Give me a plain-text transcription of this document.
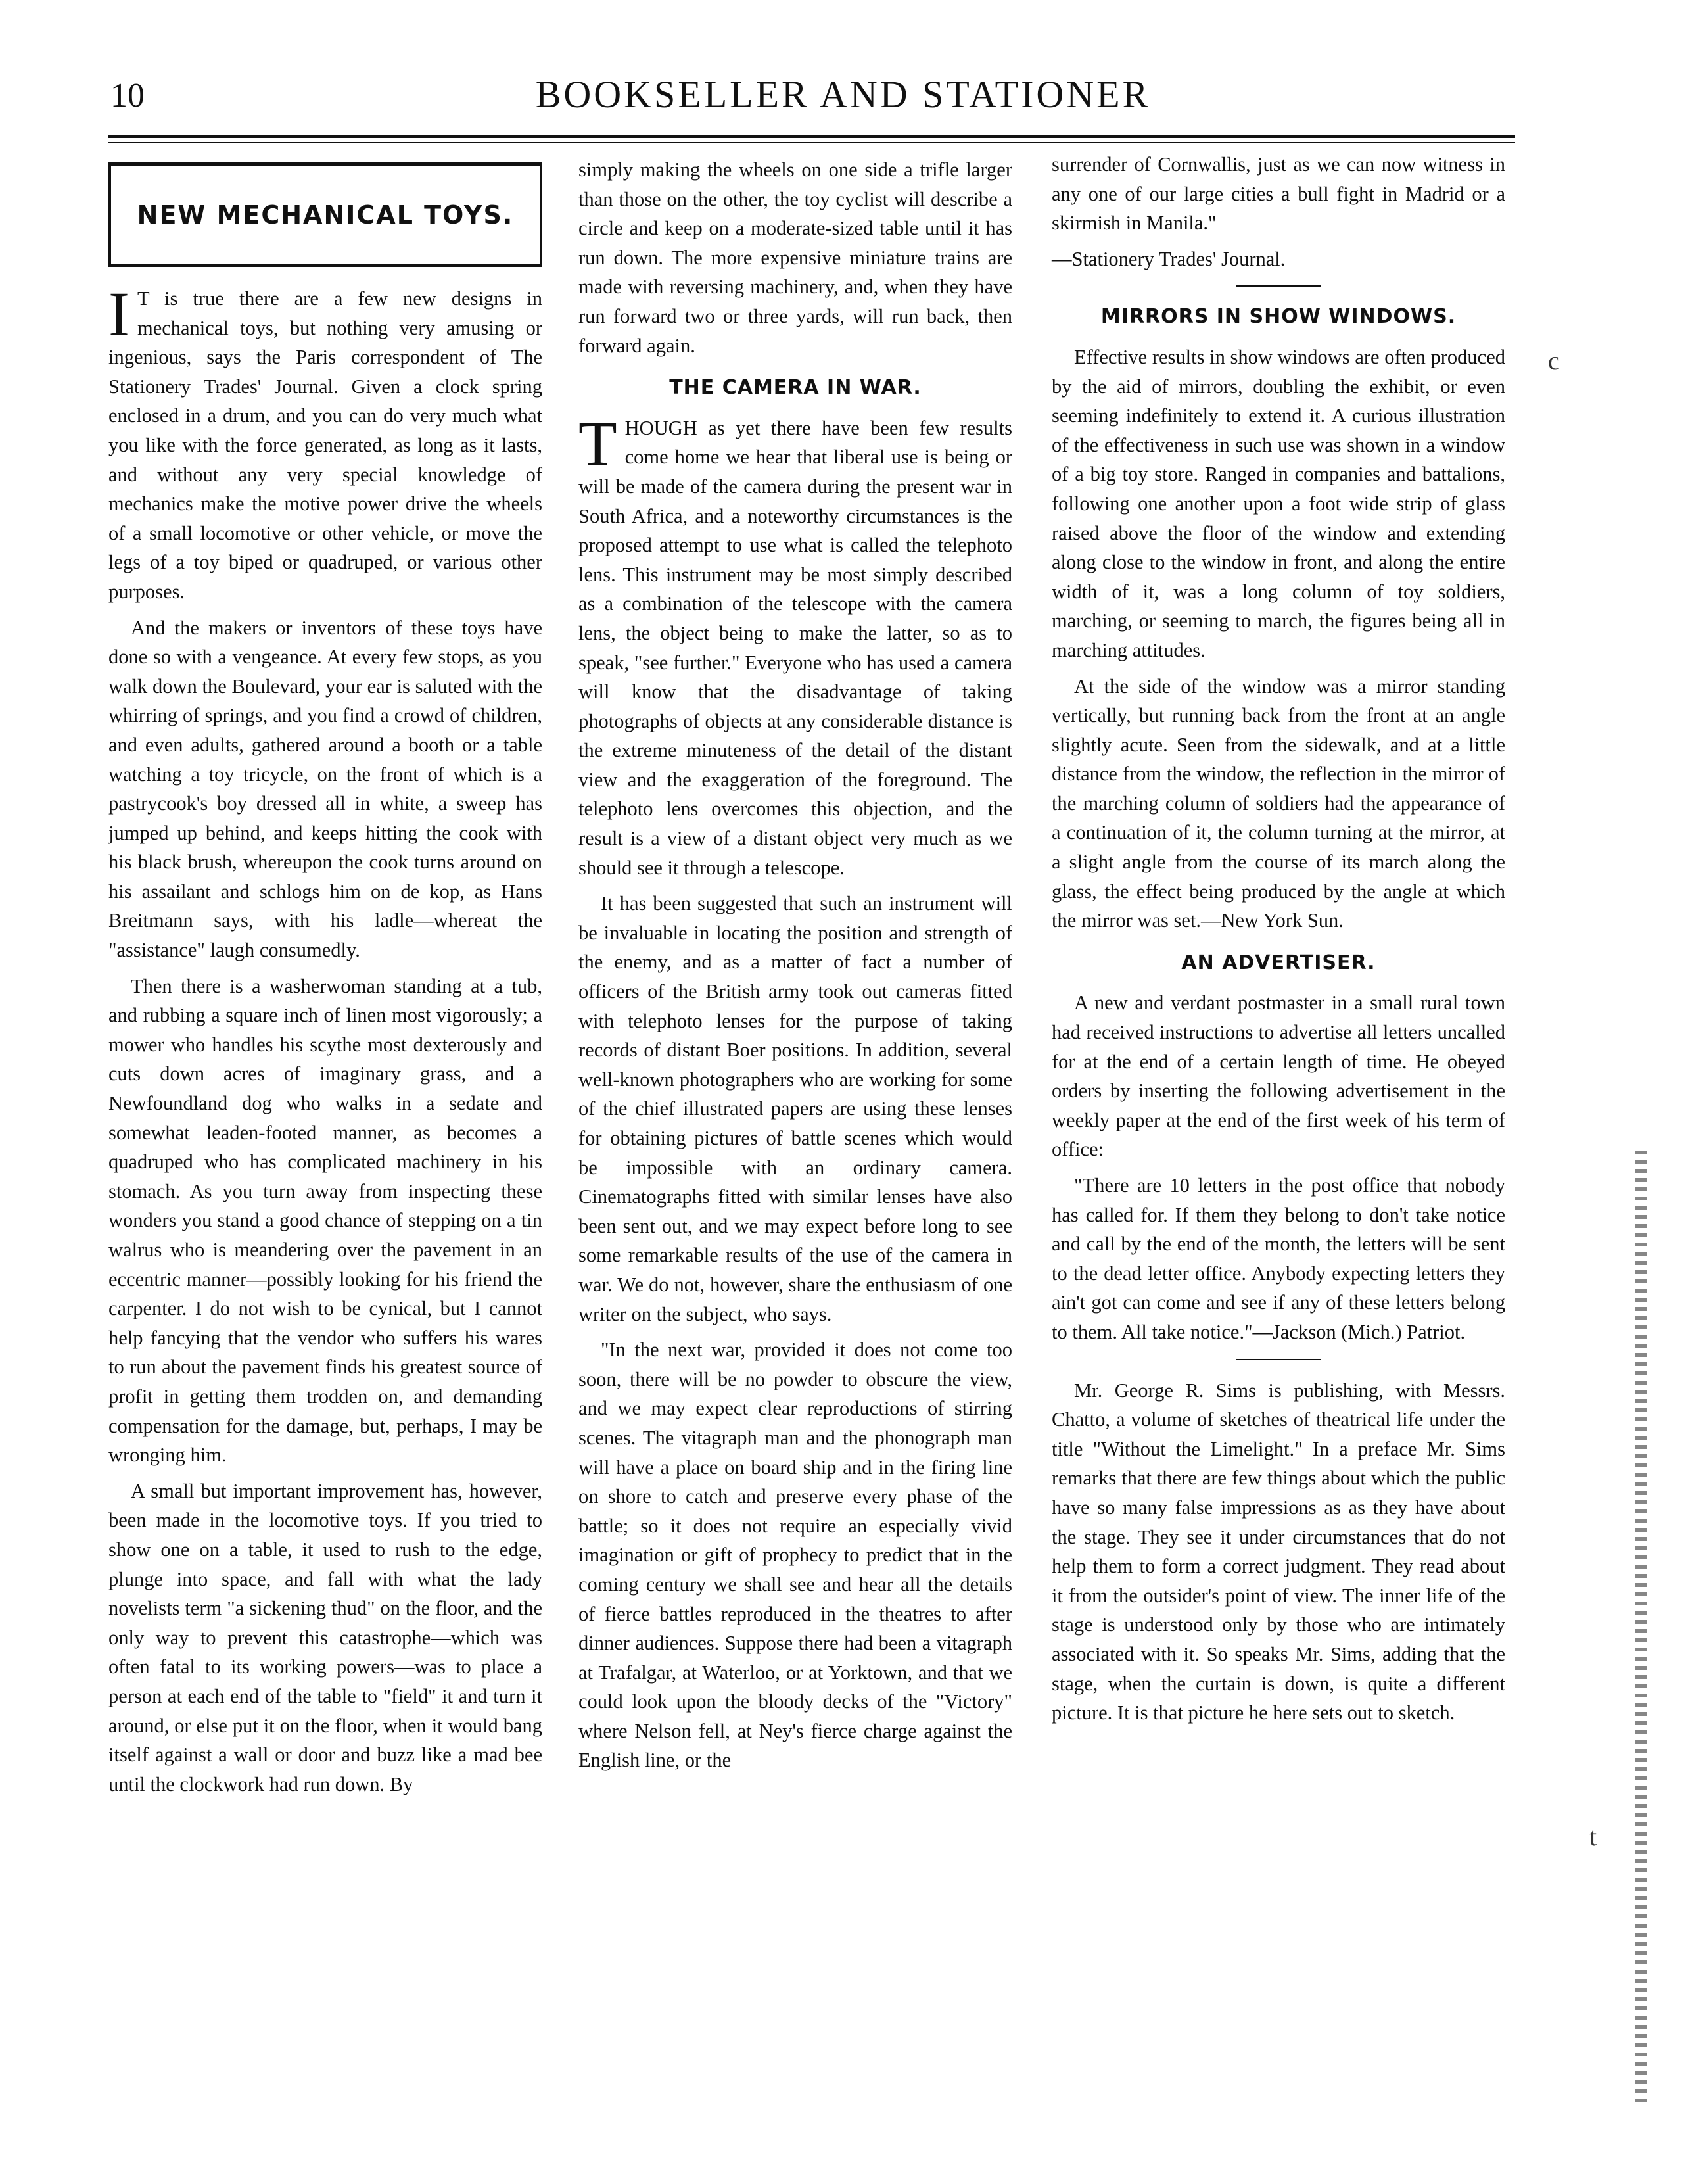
10	BOOKSELLER AND STATIONER
NEW MECHANICAL TOYS.

I T is true there are a few new designs in mechanical toys, but nothing very amusing or ingenious, says the Paris correspondent of The Stationery Trades' Journal. Given a clock spring enclosed in a drum, and you can do very much what you like with the force generated, as long as it lasts, and without any very special knowledge of mechanics make the motive power drive the wheels of a small locomotive or other vehicle, or move the legs of a toy biped or quadruped, or various other purposes.

And the makers or inventors of these toys have done so with a vengeance. At every few stops, as you walk down the Boulevard, your ear is saluted with the whirring of springs, and you find a crowd of children, and even adults, gathered around a booth or a table watching a toy tricycle, on the front of which is a pastrycook's boy dressed all in white, a sweep has jumped up behind, and keeps hitting the cook with his black brush, whereupon the cook turns around on his assailant and schlogs him on de kop, as Hans Breitmann says, with his ladle—whereat the "assistance" laugh consumedly.

Then there is a washerwoman standing at a tub, and rubbing a square inch of linen most vigorously; a mower who handles his scythe most dexterously and cuts down acres of imaginary grass, and a Newfoundland dog who walks in a sedate and somewhat leaden-footed manner, as becomes a quadruped who has complicated machinery in his stomach. As you turn away from inspecting these wonders you stand a good chance of stepping on a tin walrus who is meandering over the pavement in an eccentric manner—possibly looking for his friend the carpenter. I do not wish to be cynical, but I cannot help fancying that the vendor who suffers his wares to run about the pavement finds his greatest source of profit in getting them trodden on, and demanding compensation for the damage, but, perhaps, I may be wronging him.

A small but important improvement has, however, been made in the locomotive toys. If you tried to show one on a table, it used to rush to the edge, plunge into space, and fall with what the lady novelists term "a sickening thud" on the floor, and the only way to prevent this catastrophe—which was often fatal to its working powers—was to place a person at each end of the table to "field" it and turn it around, or else put it on the floor, when it would bang itself against a wall or door and buzz like a mad bee until the clockwork had run down. By

simply making the wheels on one side a trifle larger than those on the other, the toy cyclist will describe a circle and keep on a moderate-sized table until it has run down. The more expensive miniature trains are made with reversing machinery, and, when they have run forward two or three yards, will run back, then forward again.

THE CAMERA IN WAR.

THOUGH as yet there have been few results come home we hear that liberal use is being or will be made of the camera during the present war in South Africa, and a noteworthy circumstances is the proposed attempt to use what is called the telephoto lens. This instrument may be most simply described as a combination of the telescope with the camera lens, the object being to make the latter, so as to speak, "see further." Everyone who has used a camera will know that the disadvantage of taking photographs of objects at any considerable distance is the extreme minuteness of the detail of the distant view and the exaggeration of the foreground. The telephoto lens overcomes this objection, and the result is a view of a distant object very much as we should see it through a telescope.

It has been suggested that such an instrument will be invaluable in locating the position and strength of the enemy, and as a matter of fact a number of officers of the British army took out cameras fitted with telephoto lenses for the purpose of taking records of distant Boer positions. In addition, several well-known photographers who are working for some of the chief illustrated papers are using these lenses for obtaining pictures of battle scenes which would be impossible with an ordinary camera. Cinematographs fitted with similar lenses have also been sent out, and we may expect before long to see some remarkable results of the use of the camera in war. We do not, however, share the enthusiasm of one writer on the subject, who says.

"In the next war, provided it does not come too soon, there will be no powder to obscure the view, and we may expect clear reproductions of stirring scenes. The vitagraph man and the phonograph man will have a place on board ship and in the firing line on shore to catch and preserve every phase of the battle; so it does not require an especially vivid imagination or gift of prophecy to predict that in the coming century we shall see and hear all the details of fierce battles reproduced in the theatres to after dinner audiences. Suppose there had been a vitagraph at Trafalgar, at Waterloo, or at Yorktown, and that we could look upon the bloody decks of the "Victory" where Nelson fell, at Ney's fierce charge against the English line, or the

surrender of Cornwallis, just as we can now witness in any one of our large cities a bull fight in Madrid or a skirmish in Manila."

—Stationery Trades' Journal.

MIRRORS IN SHOW WINDOWS.

Effective results in show windows are often produced by the aid of mirrors, doubling the exhibit, or even seeming indefinitely to extend it. A curious illustration of the effectiveness in such use was shown in a window of a big toy store. Ranged in companies and battalions, following one another upon a foot wide strip of glass raised above the floor of the window and extending along close to the window in front, and along the entire width of it, was a long column of toy soldiers, marching, or seeming to march, the figures being all in marching attitudes.

At the side of the window was a mirror standing vertically, but running back from the front at an angle slightly acute. Seen from the sidewalk, and at a little distance from the window, the reflection in the mirror of the marching column of soldiers had the appearance of a continuation of it, the column turning at the mirror, at a slight angle from the course of its march along the glass, the effect being produced by the angle at which the mirror was set.—New York Sun.

AN ADVERTISER.

A new and verdant postmaster in a small rural town had received instructions to advertise all letters uncalled for at the end of a certain length of time. He obeyed orders by inserting the following advertisement in the weekly paper at the end of the first week of his term of office:

"There are 10 letters in the post office that nobody has called for. If them they belong to don't take notice and call by the end of the month, the letters will be sent to the dead letter office. Anybody expecting letters they ain't got can come and see if any of these letters belong to them. All take notice."—Jackson (Mich.) Patriot.

Mr. George R. Sims is publishing, with Messrs. Chatto, a volume of sketches of theatrical life under the title "Without the Limelight." In a preface Mr. Sims remarks that there are few things about which the public have so many false impressions as as they have about the stage. They see it under circumstances that do not help them to form a correct judgment. They read about it from the outsider's point of view. The inner life of the stage is understood only by those who are intimately associated with it. So speaks Mr. Sims, adding that the stage, when the curtain is down, is quite a different picture. It is that picture he here sets out to sketch.

c
t
